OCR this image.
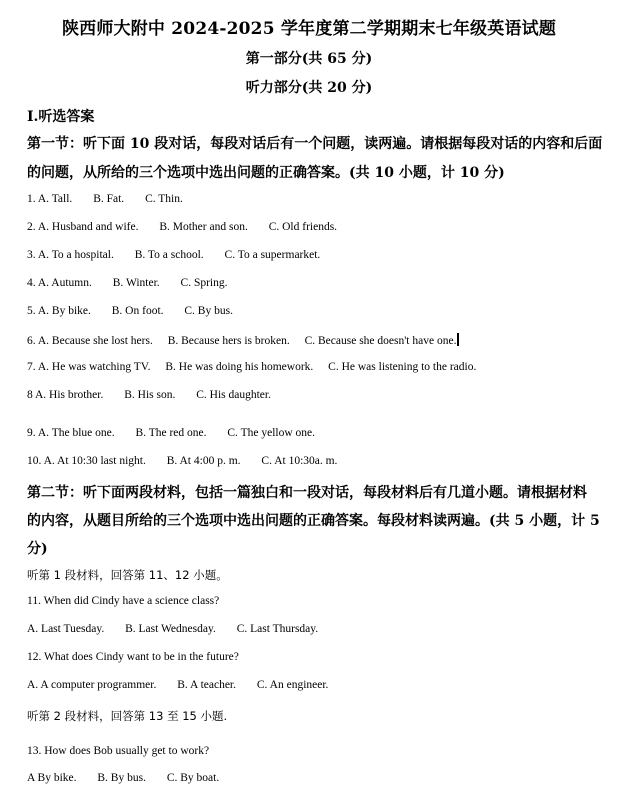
陕西师大附中 2024-2025 学年度第二学期期末七年级英语试题
第一部分(共 65 分)
听力部分(共 20 分)
Ⅰ.听选答案
第一节：听下面 10 段对话，每段对话后有一个问题，读两遍。请根据每段对话的内容和后面
的问题，从所给的三个选项中选出问题的正确答案。(共 10 小题，计 10 分)
1. A. Tall. B. Fat. C. Thin.
2. A. Husband and wife. B. Mother and son. C. Old friends.
3. A. To a hospital. B. To a school. C. To a supermarket.
4. A. Autumn. B. Winter. C. Spring.
5. A. By bike. B. On foot. C. By bus.
6. A. Because she lost hers. B. Because hers is broken. C. Because she doesn't have one.
7. A. He was watching TV. B. He was doing his homework. C. He was listening to the radio.
8 A. His brother. B. His son. C. His daughter.
9. A. The blue one. B. The red one. C. The yellow one.
10. A. At 10:30 last night. B. At 4:00 p. m. C. At 10:30a. m.
第二节：听下面两段材料，包括一篇独白和一段对话，每段材料后有几道小题。请根据材料
的内容，从题目所给的三个选项中选出问题的正确答案。每段材料读两遍。(共 5 小题，计 5
分)
听第 1 段材料，回答第 11、12 小题。
11. When did Cindy have a science class?
A. Last Tuesday. B. Last Wednesday. C. Last Thursday.
12. What does Cindy want to be in the future?
A. A computer programmer. B. A teacher. C. An engineer.
听第 2 段材料，回答第 13 至 15 小题.
13. How does Bob usually get to work?
A By bike. B. By bus. C. By boat.
